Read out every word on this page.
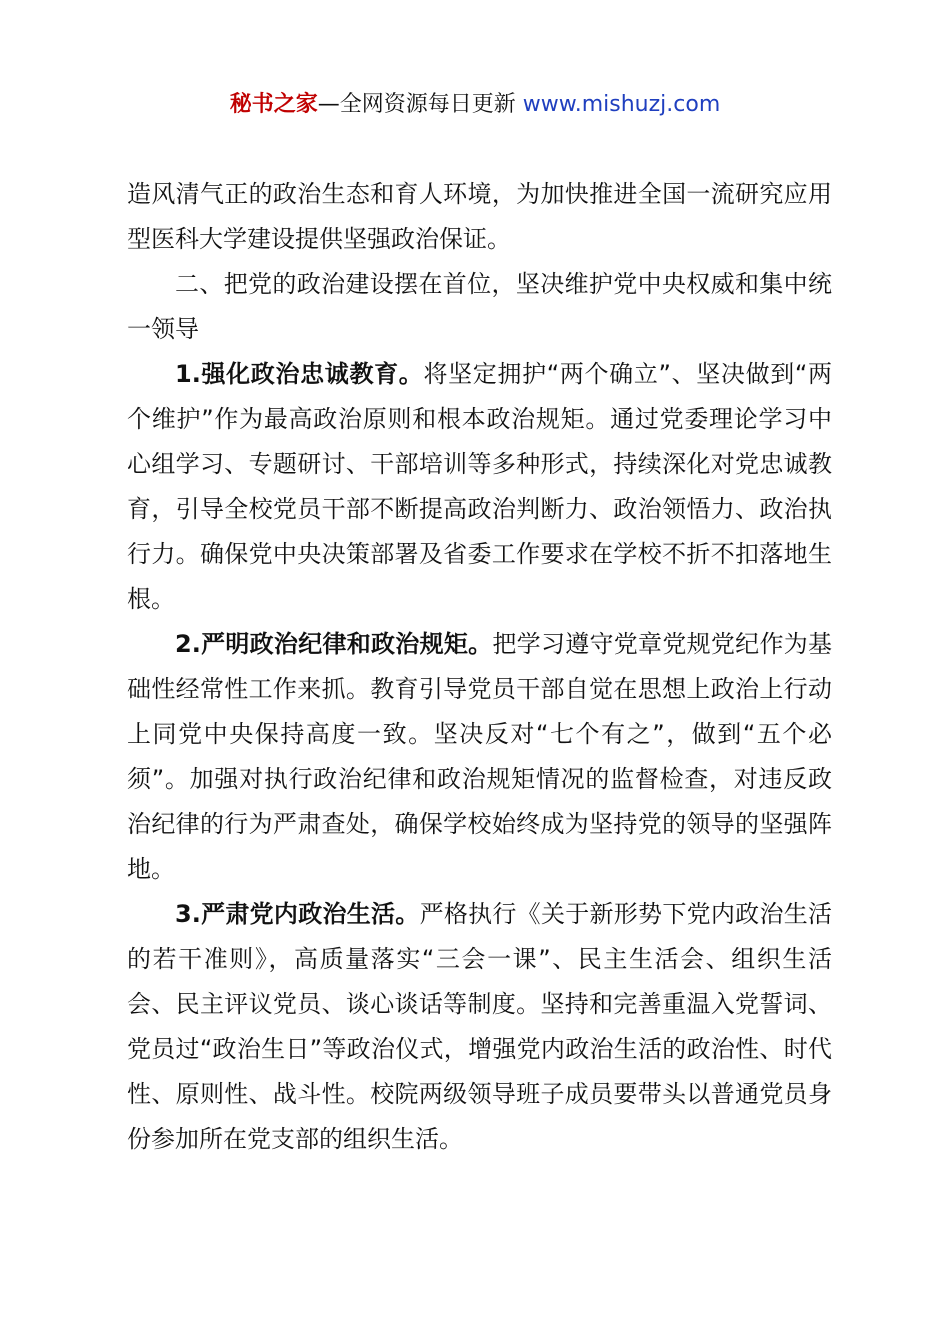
秘书之家—全网资源每日更新 www.mishuzj.com

造风清气正的政治生态和育人环境，为加快推进全国一流研究应用型医科大学建设提供坚强政治保证。

二、把党的政治建设摆在首位，坚决维护党中央权威和集中统一领导

1.强化政治忠诚教育。将坚定拥护“两个确立”、坚决做到“两个维护”作为最高政治原则和根本政治规矩。通过党委理论学习中心组学习、专题研讨、干部培训等多种形式，持续深化对党忠诚教育，引导全校党员干部不断提高政治判断力、政治领悟力、政治执行力。确保党中央决策部署及省委工作要求在学校不折不扣落地生根。

2.严明政治纪律和政治规矩。把学习遵守党章党规党纪作为基础性经常性工作来抓。教育引导党员干部自觉在思想上政治上行动上同党中央保持高度一致。坚决反对“七个有之”，做到“五个必须”。加强对执行政治纪律和政治规矩情况的监督检查，对违反政治纪律的行为严肃查处，确保学校始终成为坚持党的领导的坚强阵地。

3.严肃党内政治生活。严格执行《关于新形势下党内政治生活的若干准则》，高质量落实“三会一课”、民主生活会、组织生活会、民主评议党员、谈心谈话等制度。坚持和完善重温入党誓词、党员过“政治生日”等政治仪式，增强党内政治生活的政治性、时代性、原则性、战斗性。校院两级领导班子成员要带头以普通党员身份参加所在党支部的组织生活。
